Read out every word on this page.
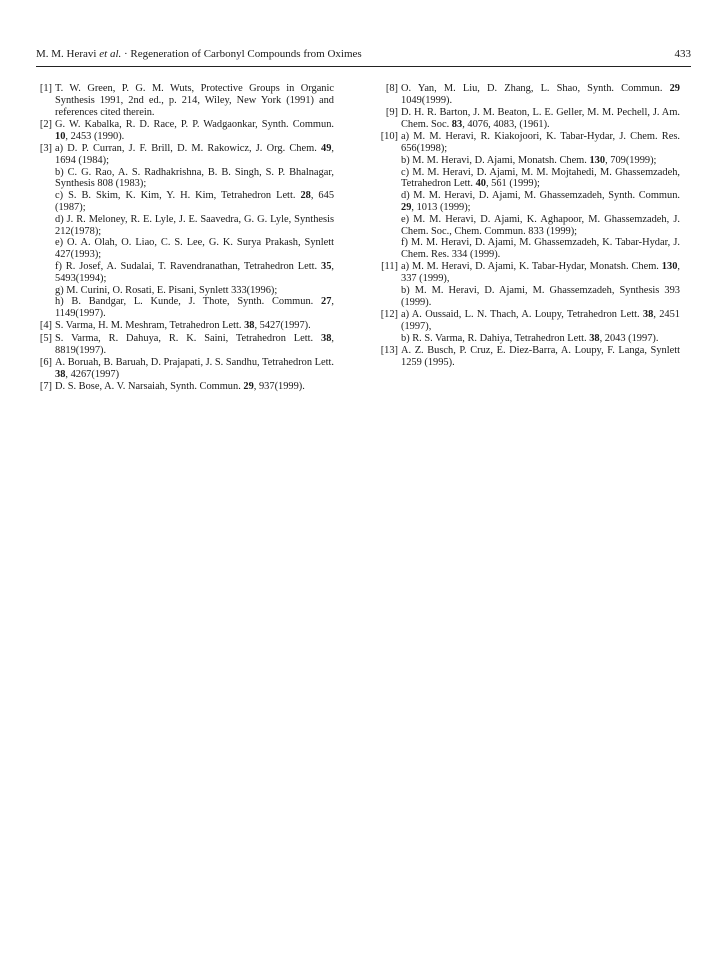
M. M. Heravi et al. · Regeneration of Carbonyl Compounds from Oximes	433
[1] T. W. Green, P. G. M. Wuts, Protective Groups in Organic Synthesis 1991, 2nd ed., p. 214, Wiley, New York (1991) and references cited therein.
[2] G. W. Kabalka, R. D. Race, P. P. Wadgaonkar, Synth. Commun. 10, 2453 (1990).
[3] a) D. P. Curran, J. F. Brill, D. M. Rakowicz, J. Org. Chem. 49, 1694 (1984);
b) C. G. Rao, A. S. Radhakrishna, B. B. Singh, S. P. Bhalnagar, Synthesis 808 (1983);
c) S. B. Skim, K. Kim, Y. H. Kim, Tetrahedron Lett. 28, 645 (1987);
d) J. R. Meloney, R. E. Lyle, J. E. Saavedra, G. G. Lyle, Synthesis 212(1978);
e) O. A. Olah, O. Liao, C. S. Lee, G. K. Surya Prakash, Synlett 427(1993);
f) R. Josef, A. Sudalai, T. Ravendranathan, Tetrahedron Lett. 35, 5493(1994);
g) M. Curini, O. Rosati, E. Pisani, Synlett 333(1996);
h) B. Bandgar, L. Kunde, J. Thote, Synth. Commun. 27, 1149(1997).
[4] S. Varma, H. M. Meshram, Tetrahedron Lett. 38, 5427(1997).
[5] S. Varma, R. Dahuya, R. K. Saini, Tetrahedron Lett. 38, 8819(1997).
[6] A. Boruah, B. Baruah, D. Prajapati, J. S. Sandhu, Tetrahedron Lett. 38, 4267(1997)
[7] D. S. Bose, A. V. Narsaiah, Synth. Commun. 29, 937(1999).
[8] O. Yan, M. Liu, D. Zhang, L. Shao, Synth. Commun. 29 1049(1999).
[9] D. H. R. Barton, J. M. Beaton, L. E. Geller, M. M. Pechell, J. Am. Chem. Soc. 83, 4076, 4083, (1961).
[10] a) M. M. Heravi, R. Kiakojoori, K. Tabar-Hydar, J. Chem. Res. 656(1998);
b) M. M. Heravi, D. Ajami, Monatsh. Chem. 130, 709(1999);
c) M. M. Heravi, D. Ajami, M. M. Mojtahedi, M. Ghassemzadeh, Tetrahedron Lett. 40, 561 (1999);
d) M. M. Heravi, D. Ajami, M. Ghassemzadeh, Synth. Commun. 29, 1013 (1999);
e) M. M. Heravi, D. Ajami, K. Aghapoor, M. Ghassemzadeh, J. Chem. Soc., Chem. Commun. 833 (1999);
f) M. M. Heravi, D. Ajami, M. Ghassemzadeh, K. Tabar-Hydar, J. Chem. Res. 334 (1999).
[11] a) M. M. Heravi, D. Ajami, K. Tabar-Hydar, Monatsh. Chem. 130, 337 (1999),
b) M. M. Heravi, D. Ajami, M. Ghassemzadeh, Synthesis 393 (1999).
[12] a) A. Oussaid, L. N. Thach, A. Loupy, Tetrahedron Lett. 38, 2451 (1997),
b) R. S. Varma, R. Dahiya, Tetrahedron Lett. 38, 2043 (1997).
[13] A. Z. Busch, P. Cruz, E. Diez-Barra, A. Loupy, F. Langa, Synlett 1259 (1995).
